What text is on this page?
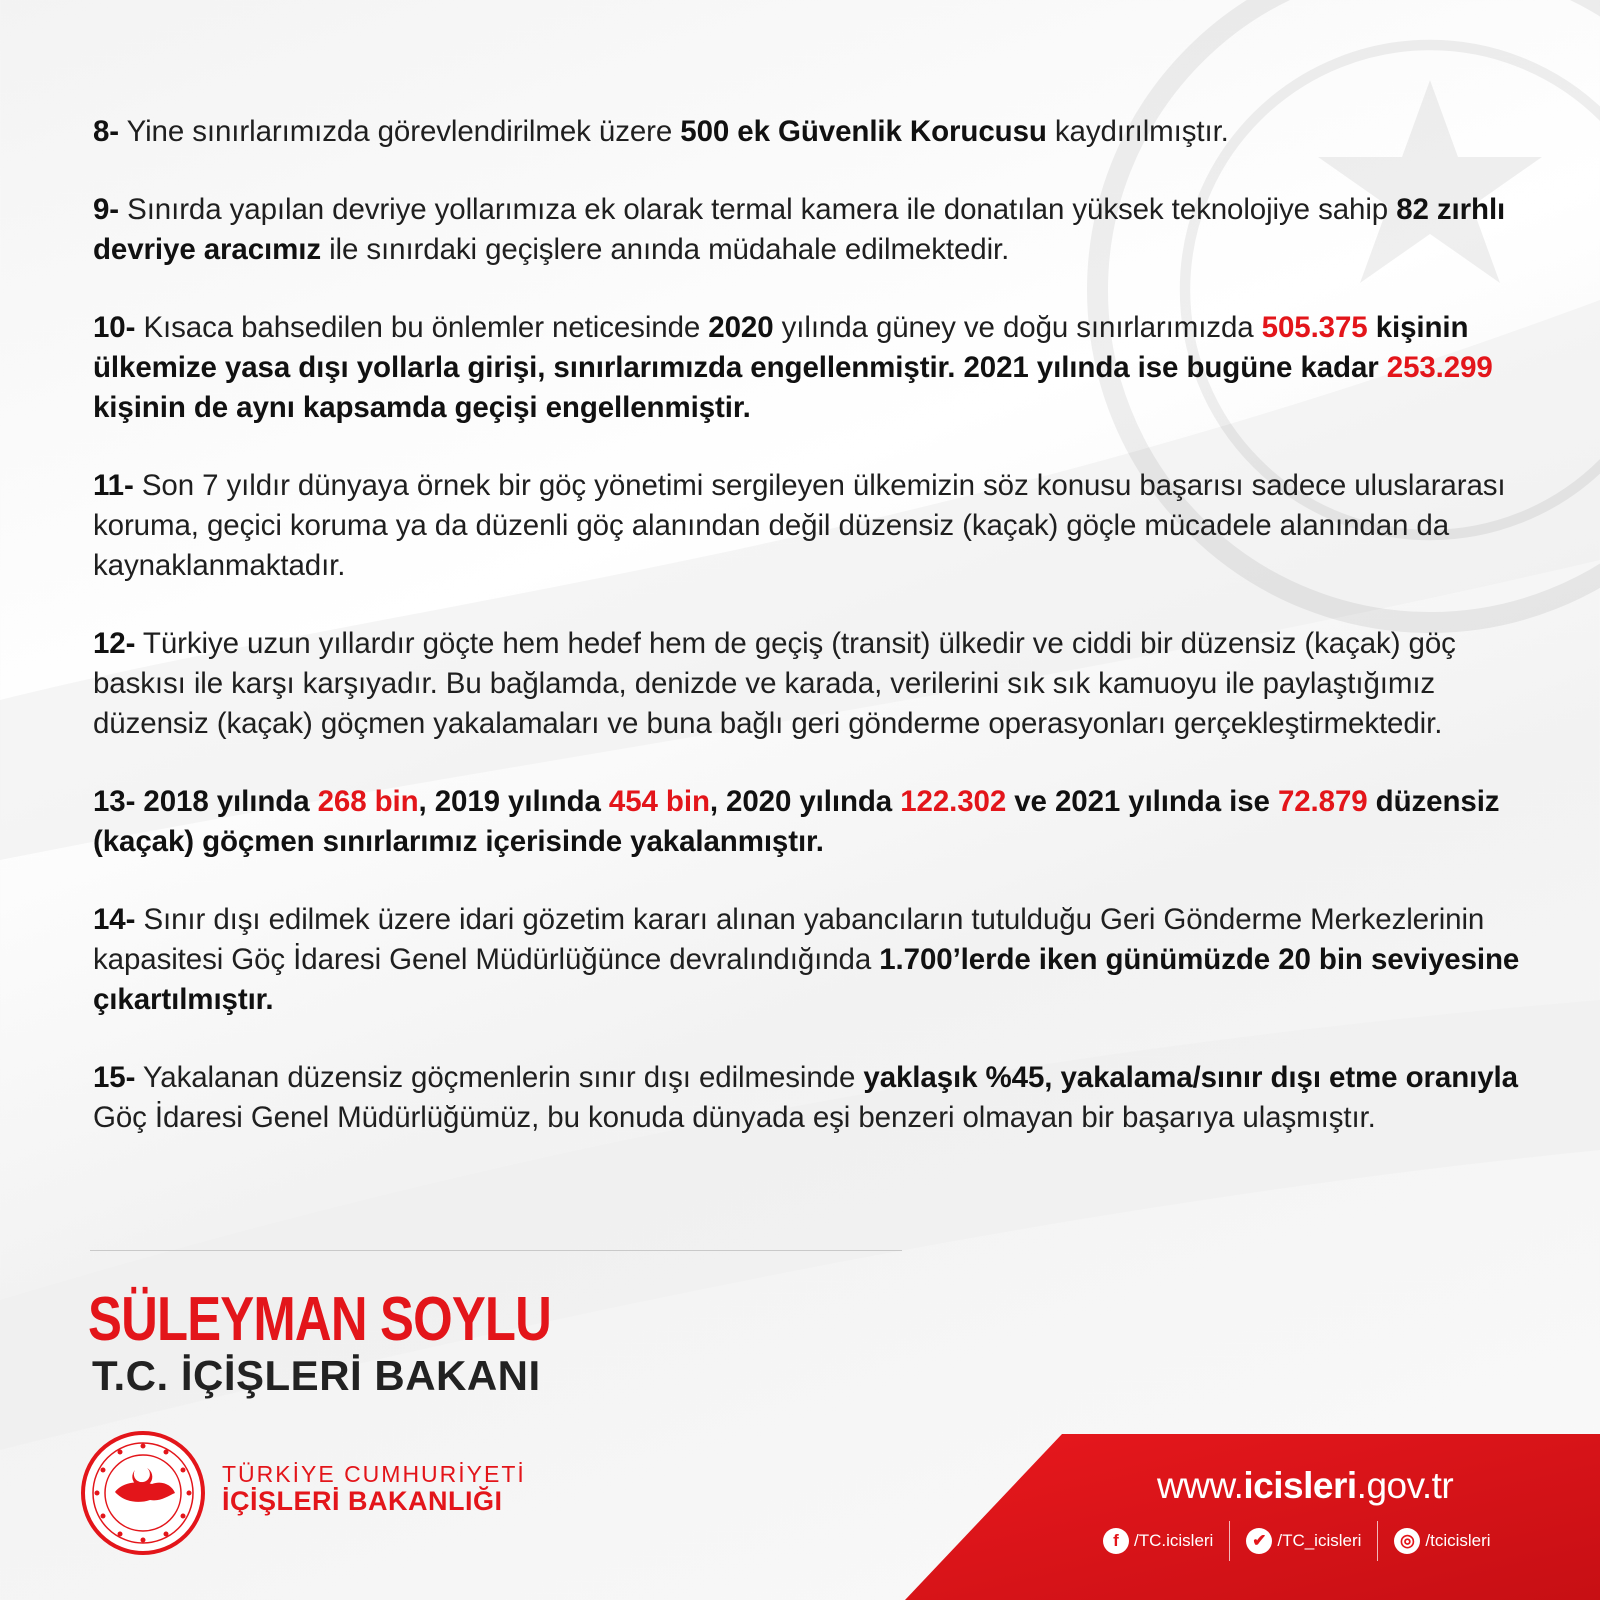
8- Yine sınırlarımızda görevlendirilmek üzere 500 ek Güvenlik Korucusu kaydırılmıştır.

9- Sınırda yapılan devriye yollarımıza ek olarak termal kamera ile donatılan yüksek teknolojiye sahip 82 zırhlı devriye aracımız ile sınırdaki geçişlere anında müdahale edilmektedir.

10- Kısaca bahsedilen bu önlemler neticesinde 2020 yılında güney ve doğu sınırlarımızda 505.375 kişinin ülkemize yasa dışı yollarla girişi, sınırlarımızda engellenmiştir. 2021 yılında ise bugüne kadar 253.299 kişinin de aynı kapsamda geçişi engellenmiştir.

11- Son 7 yıldır dünyaya örnek bir göç yönetimi sergileyen ülkemizin söz konusu başarısı sadece uluslararası koruma, geçici koruma ya da düzenli göç alanından değil düzensiz (kaçak) göçle mücadele alanından da kaynaklanmaktadır.

12- Türkiye uzun yıllardır göçte hem hedef hem de geçiş (transit) ülkedir ve ciddi bir düzensiz (kaçak) göç baskısı ile karşı karşıyadır. Bu bağlamda, denizde ve karada, verilerini sık sık kamuoyu ile paylaştığımız düzensiz (kaçak) göçmen yakalamaları ve buna bağlı geri gönderme operasyonları gerçekleştirmektedir.

13- 2018 yılında 268 bin, 2019 yılında 454 bin, 2020 yılında 122.302 ve 2021 yılında ise 72.879 düzensiz (kaçak) göçmen sınırlarımız içerisinde yakalanmıştır.

14- Sınır dışı edilmek üzere idari gözetim kararı alınan yabancıların tutulduğu Geri Gönderme Merkezlerinin kapasitesi Göç İdaresi Genel Müdürlüğünce devralındığında 1.700’lerde iken günümüzde 20 bin seviyesine çıkartılmıştır.

15- Yakalanan düzensiz göçmenlerin sınır dışı edilmesinde yaklaşık %45, yakalama/sınır dışı etme oranıyla Göç İdaresi Genel Müdürlüğümüz, bu konuda dünyada eşi benzeri olmayan bir başarıya ulaşmıştır.

SÜLEYMAN SOYLU
T.C. İÇİŞLERİ BAKANI
TÜRKİYE CUMHURİYETİ
İÇİŞLERİ BAKANLIĞI	www.icisleri.gov.tr
f /TC.icisleri	✔ /TC_icisleri	◎ /tcicisleri
